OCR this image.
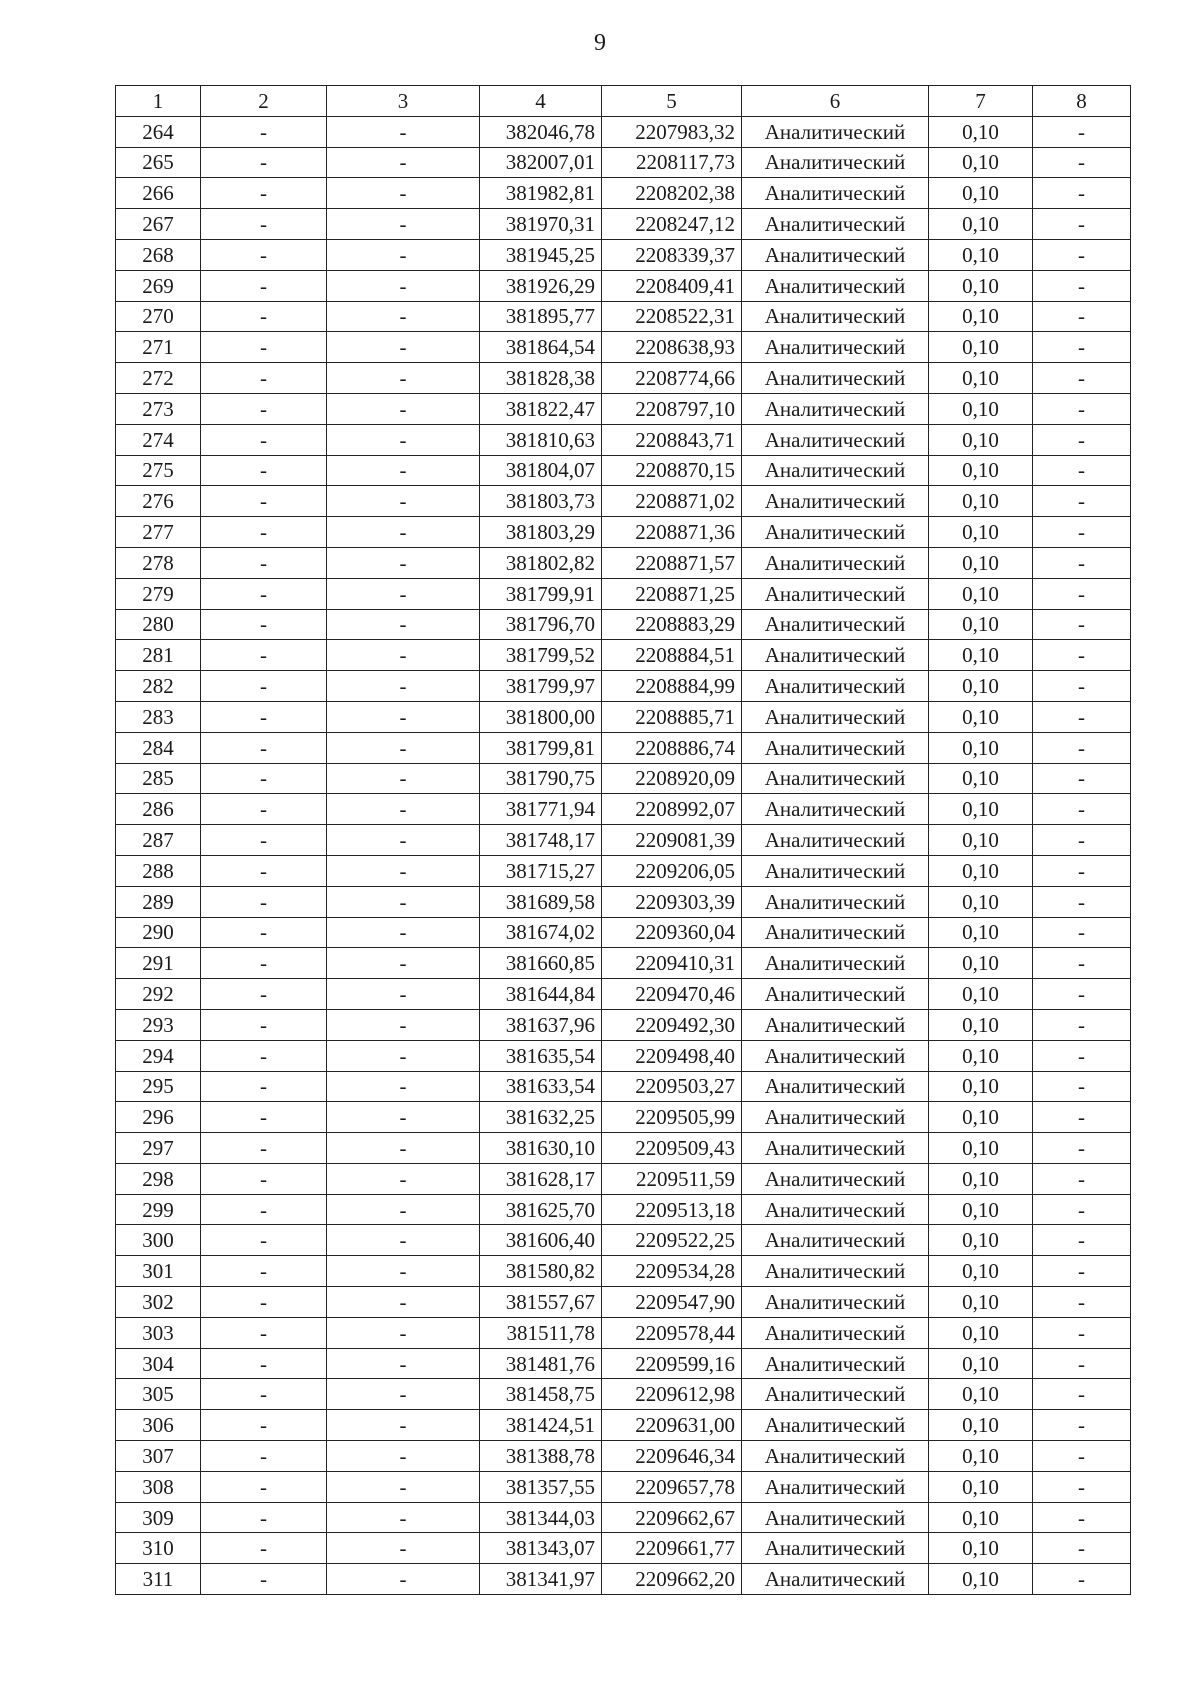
9
1	2	3	4	5	6	7	8
264	-	-	382046,78	2207983,32	Аналитический	0,10	-
265	-	-	382007,01	2208117,73	Аналитический	0,10	-
266	-	-	381982,81	2208202,38	Аналитический	0,10	-
267	-	-	381970,31	2208247,12	Аналитический	0,10	-
268	-	-	381945,25	2208339,37	Аналитический	0,10	-
269	-	-	381926,29	2208409,41	Аналитический	0,10	-
270	-	-	381895,77	2208522,31	Аналитический	0,10	-
271	-	-	381864,54	2208638,93	Аналитический	0,10	-
272	-	-	381828,38	2208774,66	Аналитический	0,10	-
273	-	-	381822,47	2208797,10	Аналитический	0,10	-
274	-	-	381810,63	2208843,71	Аналитический	0,10	-
275	-	-	381804,07	2208870,15	Аналитический	0,10	-
276	-	-	381803,73	2208871,02	Аналитический	0,10	-
277	-	-	381803,29	2208871,36	Аналитический	0,10	-
278	-	-	381802,82	2208871,57	Аналитический	0,10	-
279	-	-	381799,91	2208871,25	Аналитический	0,10	-
280	-	-	381796,70	2208883,29	Аналитический	0,10	-
281	-	-	381799,52	2208884,51	Аналитический	0,10	-
282	-	-	381799,97	2208884,99	Аналитический	0,10	-
283	-	-	381800,00	2208885,71	Аналитический	0,10	-
284	-	-	381799,81	2208886,74	Аналитический	0,10	-
285	-	-	381790,75	2208920,09	Аналитический	0,10	-
286	-	-	381771,94	2208992,07	Аналитический	0,10	-
287	-	-	381748,17	2209081,39	Аналитический	0,10	-
288	-	-	381715,27	2209206,05	Аналитический	0,10	-
289	-	-	381689,58	2209303,39	Аналитический	0,10	-
290	-	-	381674,02	2209360,04	Аналитический	0,10	-
291	-	-	381660,85	2209410,31	Аналитический	0,10	-
292	-	-	381644,84	2209470,46	Аналитический	0,10	-
293	-	-	381637,96	2209492,30	Аналитический	0,10	-
294	-	-	381635,54	2209498,40	Аналитический	0,10	-
295	-	-	381633,54	2209503,27	Аналитический	0,10	-
296	-	-	381632,25	2209505,99	Аналитический	0,10	-
297	-	-	381630,10	2209509,43	Аналитический	0,10	-
298	-	-	381628,17	2209511,59	Аналитический	0,10	-
299	-	-	381625,70	2209513,18	Аналитический	0,10	-
300	-	-	381606,40	2209522,25	Аналитический	0,10	-
301	-	-	381580,82	2209534,28	Аналитический	0,10	-
302	-	-	381557,67	2209547,90	Аналитический	0,10	-
303	-	-	381511,78	2209578,44	Аналитический	0,10	-
304	-	-	381481,76	2209599,16	Аналитический	0,10	-
305	-	-	381458,75	2209612,98	Аналитический	0,10	-
306	-	-	381424,51	2209631,00	Аналитический	0,10	-
307	-	-	381388,78	2209646,34	Аналитический	0,10	-
308	-	-	381357,55	2209657,78	Аналитический	0,10	-
309	-	-	381344,03	2209662,67	Аналитический	0,10	-
310	-	-	381343,07	2209661,77	Аналитический	0,10	-
311	-	-	381341,97	2209662,20	Аналитический	0,10	-
